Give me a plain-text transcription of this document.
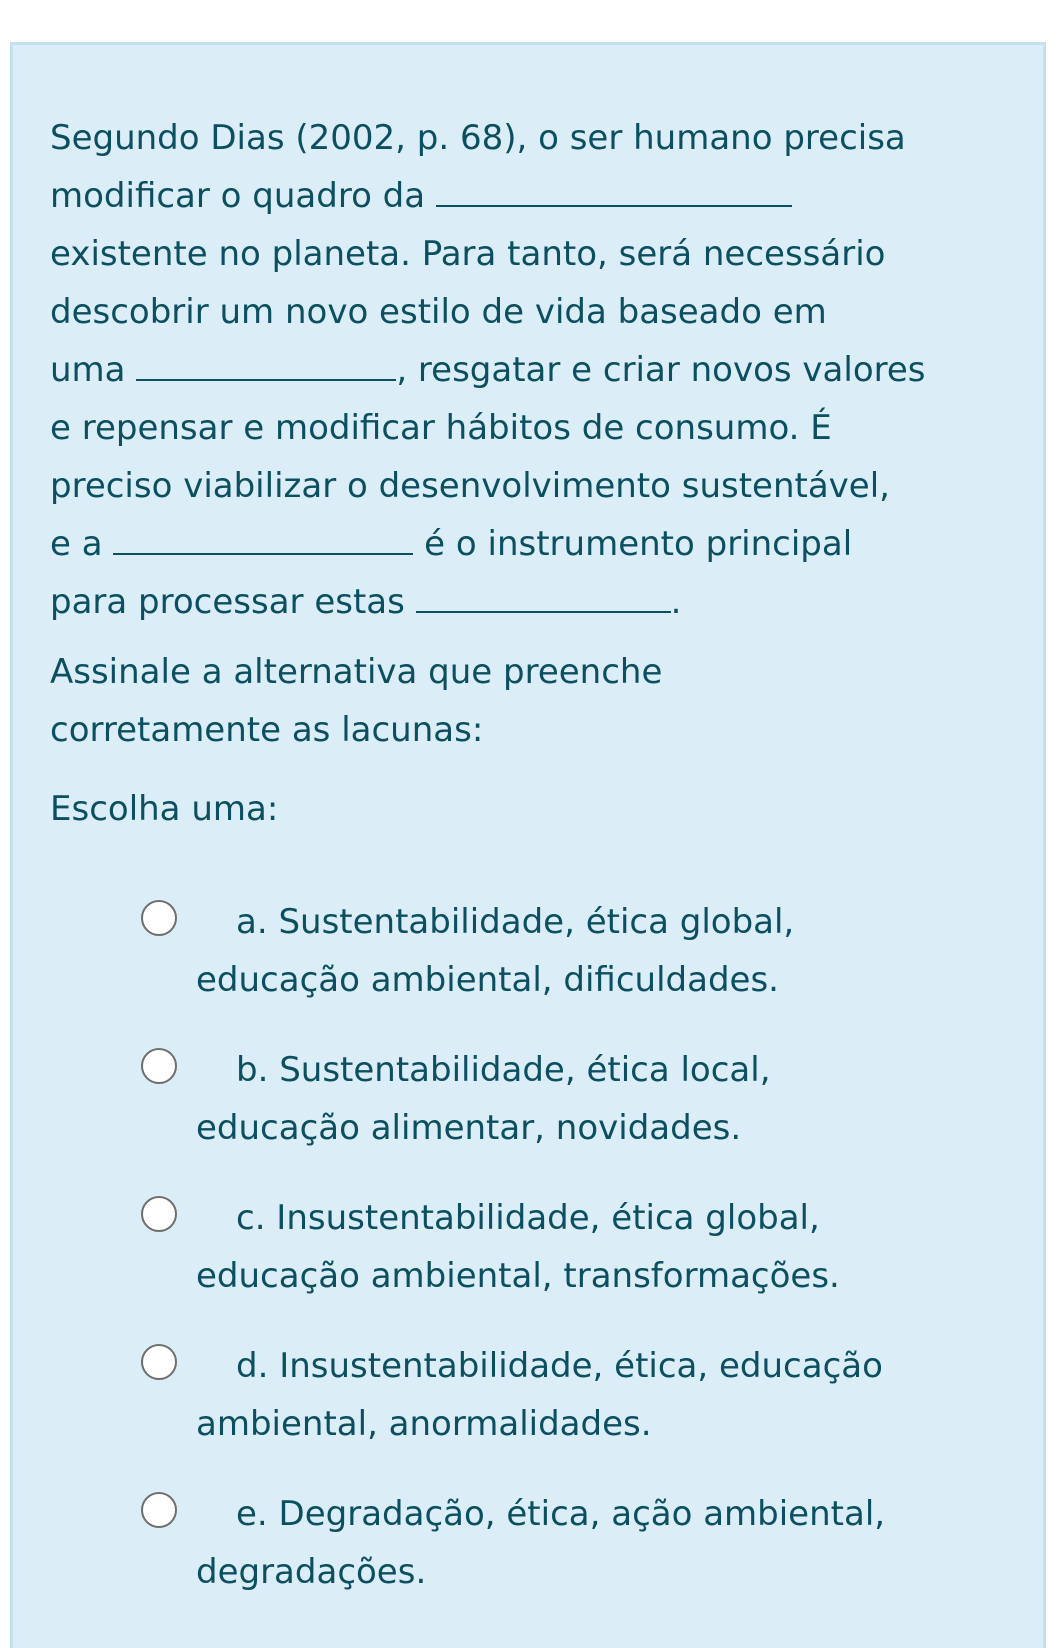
Segundo Dias (2002, p. 68), o ser humano precisa
modificar o quadro da
existente no planeta. Para tanto, será necessário
descobrir um novo estilo de vida baseado em
uma	, resgatar e criar novos valores
e repensar e modificar hábitos de consumo. É
preciso viabilizar o desenvolvimento sustentável,
e a	é o instrumento principal
para processar estas	.
Assinale a alternativa que preenche
corretamente as lacunas:
Escolha uma:
a. Sustentabilidade, ética global,
educação ambiental, dificuldades.
b. Sustentabilidade, ética local,
educação alimentar, novidades.
c. Insustentabilidade, ética global,
educação ambiental, transformações.
d. Insustentabilidade, ética, educação
ambiental, anormalidades.
e. Degradação, ética, ação ambiental,
degradações.
